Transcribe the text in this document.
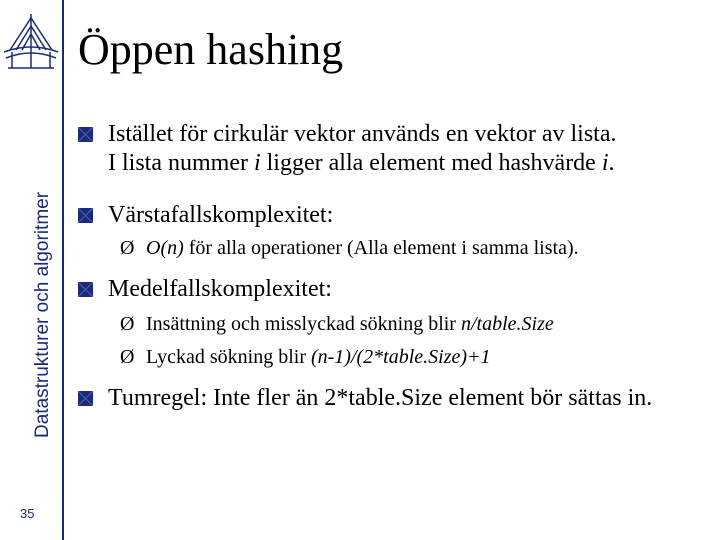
Datastrukturer och algoritmer
35
Öppen hashing
Istället för cirkulär vektor används en vektor av lista.
I lista nummer i ligger alla element med hashvärde i.
Värstafallskomplexitet:
Ø O(n) för alla operationer (Alla element i samma lista).
Medelfallskomplexitet:
Ø Insättning och misslyckad sökning blir n/table.Size
Ø Lyckad sökning blir (n-1)/(2*table.Size)+1
Tumregel: Inte fler än 2*table.Size element bör sättas in.
